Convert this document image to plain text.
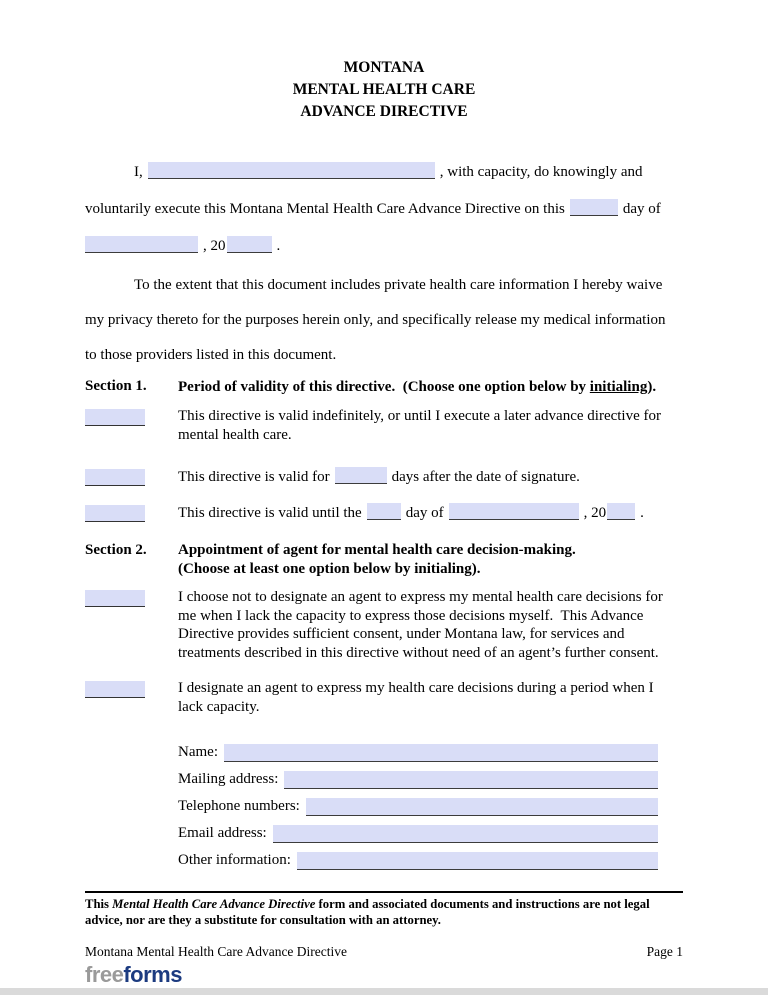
MONTANA
MENTAL HEALTH CARE
ADVANCE DIRECTIVE
I,	, with capacity, do knowingly and
voluntarily execute this Montana Mental Health Care Advance Directive on this	day of
, 20	.
To the extent that this document includes private health care information I hereby waive
my privacy thereto for the purposes herein only, and specifically release my medical information
to those providers listed in this document.
Section 1.	Period of validity of this directive.  (Choose one option below by initialing).
This directive is valid indefinitely, or until I execute a later advance directive for
mental health care.
This directive is valid for	days after the date of signature.
This directive is valid until the	day of	, 20 .
Section 2.	Appointment of agent for mental health care decision-making.
(Choose at least one option below by initialing).
I choose not to designate an agent to express my mental health care decisions for
me when I lack the capacity to express those decisions myself.  This Advance
Directive provides sufficient consent, under Montana law, for services and
treatments described in this directive without need of an agent’s further consent.
I designate an agent to express my health care decisions during a period when I
lack capacity.
Name:
Mailing address:
Telephone numbers:
Email address:
Other information:
This Mental Health Care Advance Directive form and associated documents and instructions are not legal
advice, nor are they a substitute for consultation with an attorney.
Montana Mental Health Care Advance Directive	Page 1
freeforms
